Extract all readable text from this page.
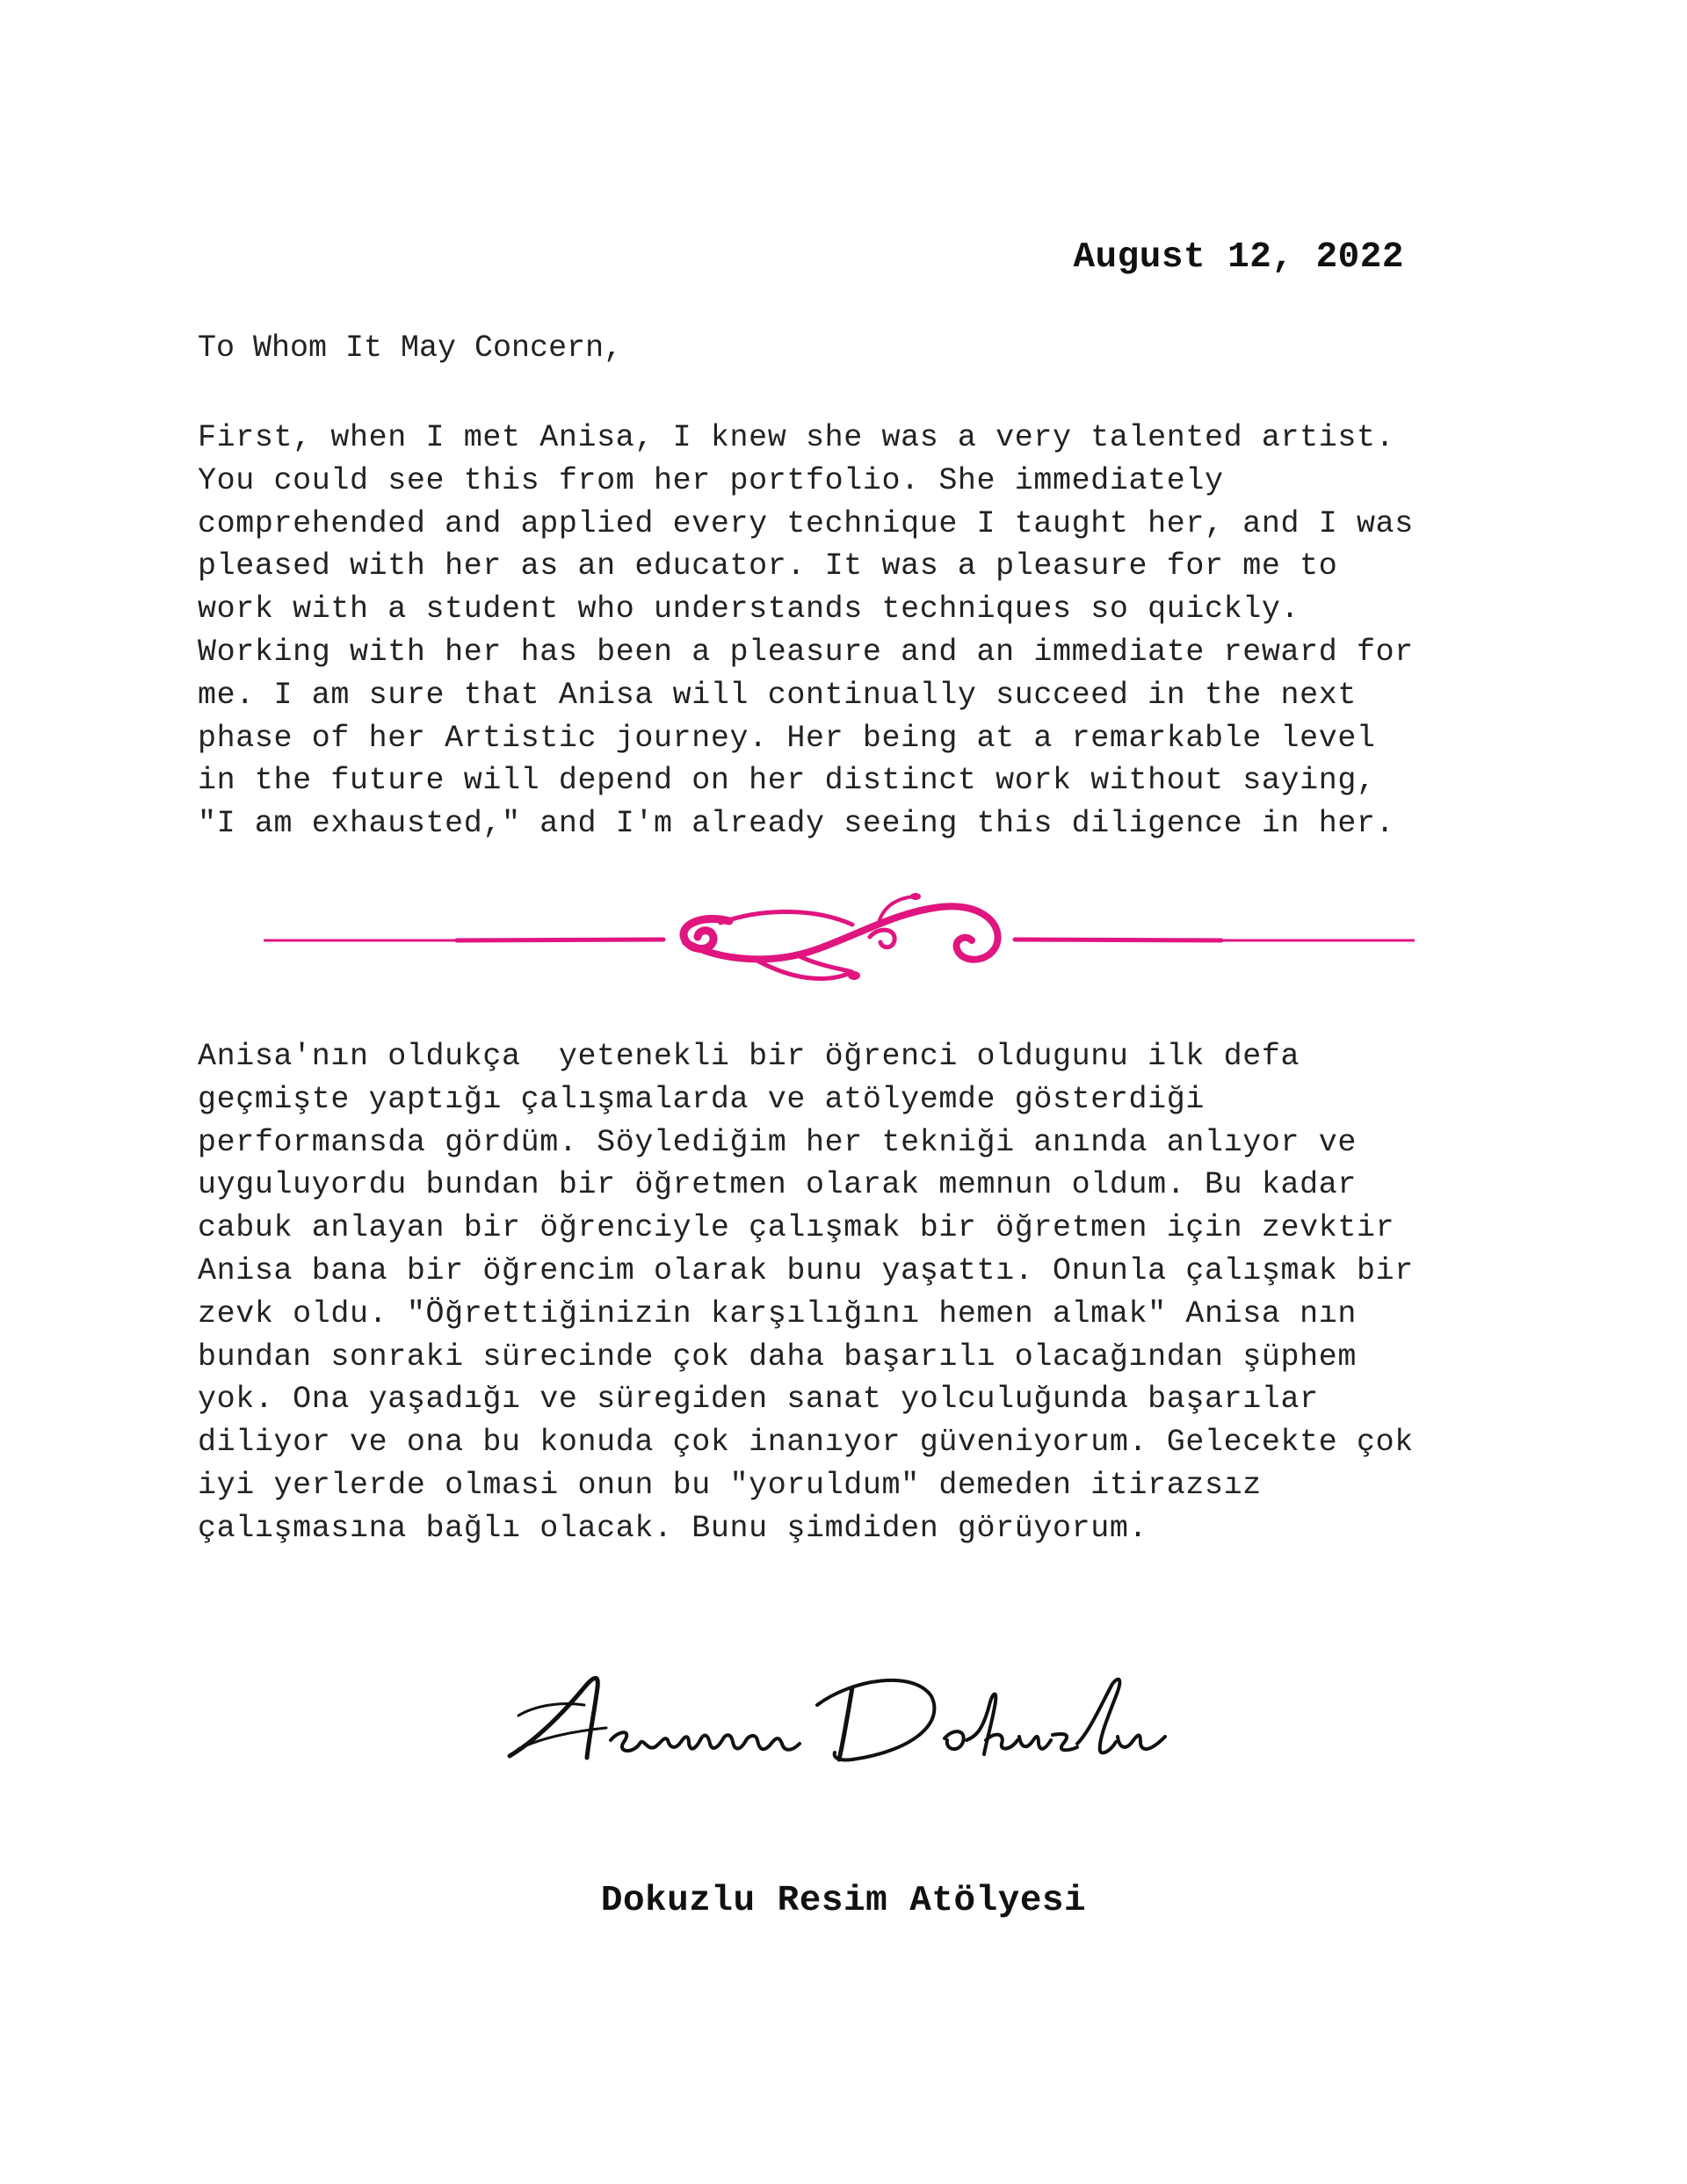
August 12, 2022
To Whom It May Concern,
First, when I met Anisa, I knew she was a very talented artist.
You could see this from her portfolio. She immediately
comprehended and applied every technique I taught her, and I was
pleased with her as an educator. It was a pleasure for me to
work with a student who understands techniques so quickly.
Working with her has been a pleasure and an immediate reward for
me. I am sure that Anisa will continually succeed in the next
phase of her Artistic journey. Her being at a remarkable level
in the future will depend on her distinct work without saying,
"I am exhausted," and I'm already seeing this diligence in her.
Anisa'nın oldukça  yetenekli bir öğrenci oldugunu ilk defa
geçmişte yaptığı çalışmalarda ve atölyemde gösterdiği
performansda gördüm. Söylediğim her tekniği anında anlıyor ve
uyguluyordu bundan bir öğretmen olarak memnun oldum. Bu kadar
cabuk anlayan bir öğrenciyle çalışmak bir öğretmen için zevktir
Anisa bana bir öğrencim olarak bunu yaşattı. Onunla çalışmak bir
zevk oldu. "Öğrettiğinizin karşılığını hemen almak" Anisa nın
bundan sonraki sürecinde çok daha başarılı olacağından şüphem
yok. Ona yaşadığı ve süregiden sanat yolculuğunda başarılar
diliyor ve ona bu konuda çok inanıyor güveniyorum. Gelecekte çok
iyi yerlerde olmasi onun bu "yoruldum" demeden itirazsız
çalışmasına bağlı olacak. Bunu şimdiden görüyorum.
Dokuzlu Resim Atölyesi
